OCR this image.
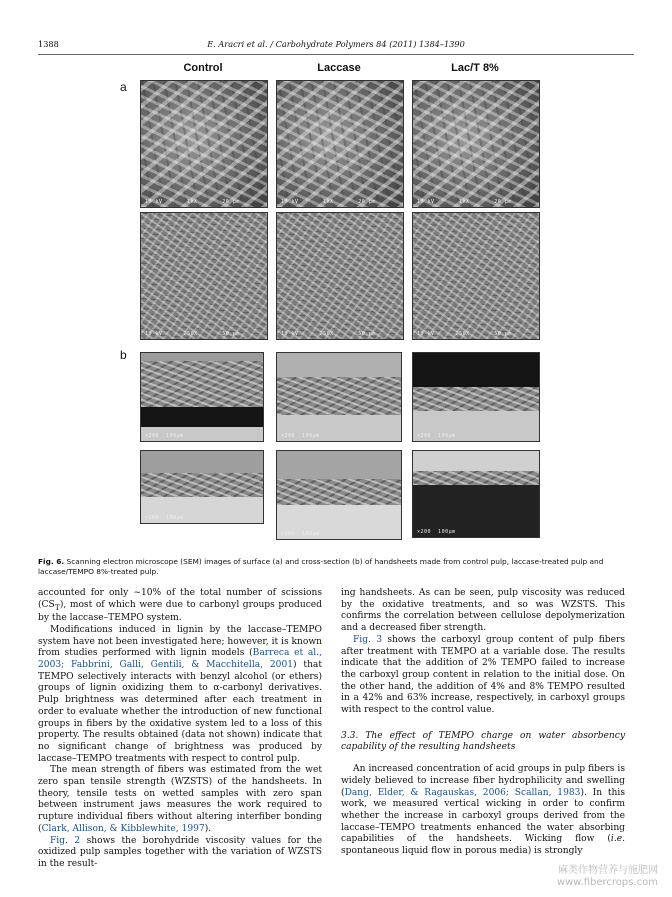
1388	E. Aracri et al. / Carbohydrate Polymers 84 (2011) 1384–1390
Control	Laccase	Lac/T 8%
a
b
10 kV       1kX       20 µm	10 kV       1kX       20 µm	10 kV       1kX       20 µm
10 kV      250X       50 µm	10 kV      250X       50 µm	10 kV      250X       50 µm
×200  100µm	×200  100µm	×200  100µm
×200  100µm
×200  100µm	×200  100µm
Fig. 6. Scanning electron microscope (SEM) images of surface (a) and cross-section (b) of handsheets made from control pulp, laccase-treated pulp and laccase/TEMPO 8%-treated pulp.

accounted for only ∼10% of the total number of scissions $(CS_T)$, most of which were due to carbonyl groups produced by the laccase–TEMPO system.

Modifications induced in lignin by the laccase–TEMPO system have not been investigated here; however, it is known from studies performed with lignin models (Barreca et al., 2003; Fabbrini, Galli, Gentili, & Macchitella, 2001) that TEMPO selectively interacts with benzyl alcohol (or ethers) groups of lignin oxidizing them to α-carbonyl derivatives. Pulp brightness was determined after each treatment in order to evaluate whether the introduction of new functional groups in fibers by the oxidative system led to a loss of this property. The results obtained (data not shown) indicate that no significant change of brightness was produced by laccase–TEMPO treatments with respect to control pulp.

The mean strength of fibers was estimated from the wet zero span tensile strength (WZSTS) of the handsheets. In theory, tensile tests on wetted samples with zero span between instrument jaws measures the work required to rupture individual fibers without altering interfiber bonding (Clark, Allison, & Kibblewhite, 1997).

Fig. 2 shows the borohydride viscosity values for the oxidized pulp samples together with the variation of WZSTS in the result-

ing handsheets. As can be seen, pulp viscosity was reduced by the oxidative treatments, and so was WZSTS. This confirms the correlation between cellulose depolymerization and a decreased fiber strength.

Fig. 3 shows the carboxyl group content of pulp fibers after treatment with TEMPO at a variable dose. The results indicate that the addition of 2% TEMPO failed to increase the carboxyl group content in relation to the initial dose. On the other hand, the addition of 4% and 8% TEMPO resulted in a 42% and 63% increase, respectively, in carboxyl groups with respect to the control value.

3.3. The effect of TEMPO charge on water absorbency capability of the resulting handsheets

An increased concentration of acid groups in pulp fibers is widely believed to increase fiber hydrophilicity and swelling (Dang, Elder, & Ragauskas, 2006; Scallan, 1983). In this work, we measured vertical wicking in order to confirm whether the increase in carboxyl groups derived from the laccase–TEMPO treatments enhanced the water absorbing capabilities of the handsheets. Wicking flow (i.e. spontaneous liquid flow in porous media) is strongly

麻类作物营养与施肥网
www.fibercrops.com
